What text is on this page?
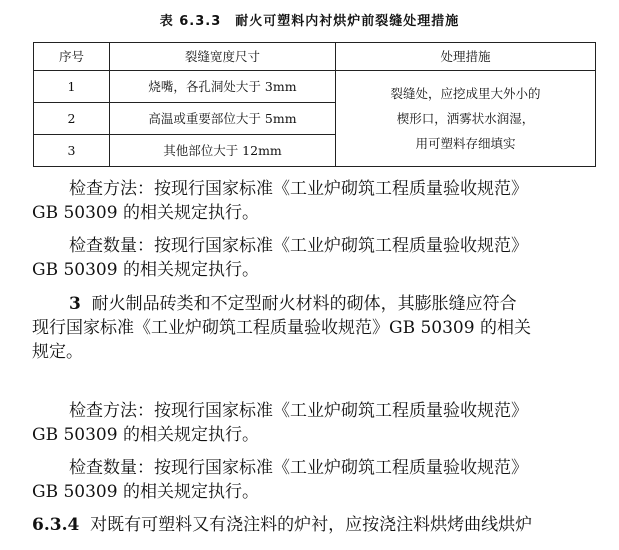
表 6.3.3　耐火可塑料内衬烘炉前裂缝处理措施
序号	裂缝宽度尺寸	处理措施
1	烧嘴，各孔洞处大于 3mm	裂缝处，应挖成里大外小的
楔形口，洒雾状水润湿，
用可塑料存细填实

2	高温或重要部位大于 5mm	
3	其他部位大于 12mm	
检查方法：按现行国家标准《工业炉砌筑工程质量验收规范》
GB 50309 的相关规定执行。
检查数量：按现行国家标准《工业炉砌筑工程质量验收规范》
GB 50309 的相关规定执行。
3 耐火制品砖类和不定型耐火材料的砌体，其膨胀缝应符合
现行国家标准《工业炉砌筑工程质量验收规范》GB 50309 的相关
规定。
检查方法：按现行国家标准《工业炉砌筑工程质量验收规范》
GB 50309 的相关规定执行。
检查数量：按现行国家标准《工业炉砌筑工程质量验收规范》
GB 50309 的相关规定执行。
6.3.4 对既有可塑料又有浇注料的炉衬，应按浇注料烘烤曲线烘炉
